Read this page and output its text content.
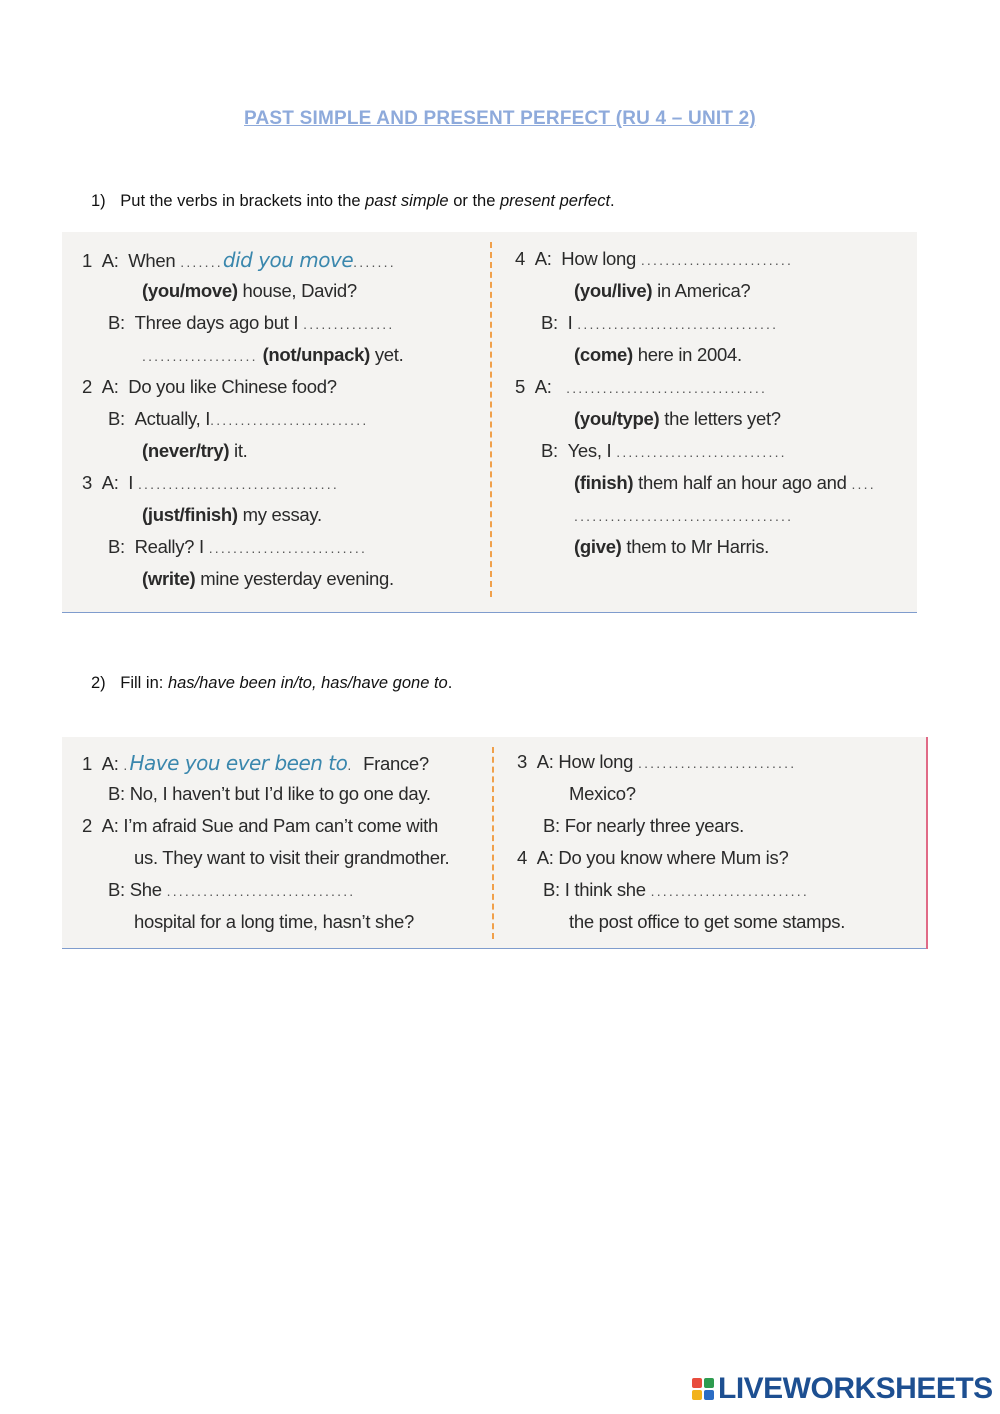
PAST SIMPLE AND PRESENT PERFECT (RU 4 – UNIT 2)
1) Put the verbs in brackets into the past simple or the present perfect.
1 A: When .......did you move.......
(you/move) house, David?
B: Three days ago but I ...............
................... (not/unpack) yet.
2 A: Do you like Chinese food?
B: Actually, I..........................
(never/try) it.
3 A: I .................................
(just/finish) my essay.
B: Really? I ..........................
(write) mine yesterday evening.
4 A: How long .........................
(you/live) in America?
B: I .................................
(come) here in 2004.
5 A: .................................
(you/type) the letters yet?
B: Yes, I ............................
(finish) them half an hour ago and ....
....................................
(give) them to Mr Harris.
2) Fill in: has/have been in/to, has/have gone to.
1 A: .Have you ever been to. France?
B: No, I haven’t but I’d like to go one day.
2 A: I’m afraid Sue and Pam can’t come with
us. They want to visit their grandmother.
B: She ...............................
hospital for a long time, hasn’t she?
3 A: How long ..........................
Mexico?
B: For nearly three years.
4 A: Do you know where Mum is?
B: I think she ..........................
the post office to get some stamps.
LIVEWORKSHEETS
